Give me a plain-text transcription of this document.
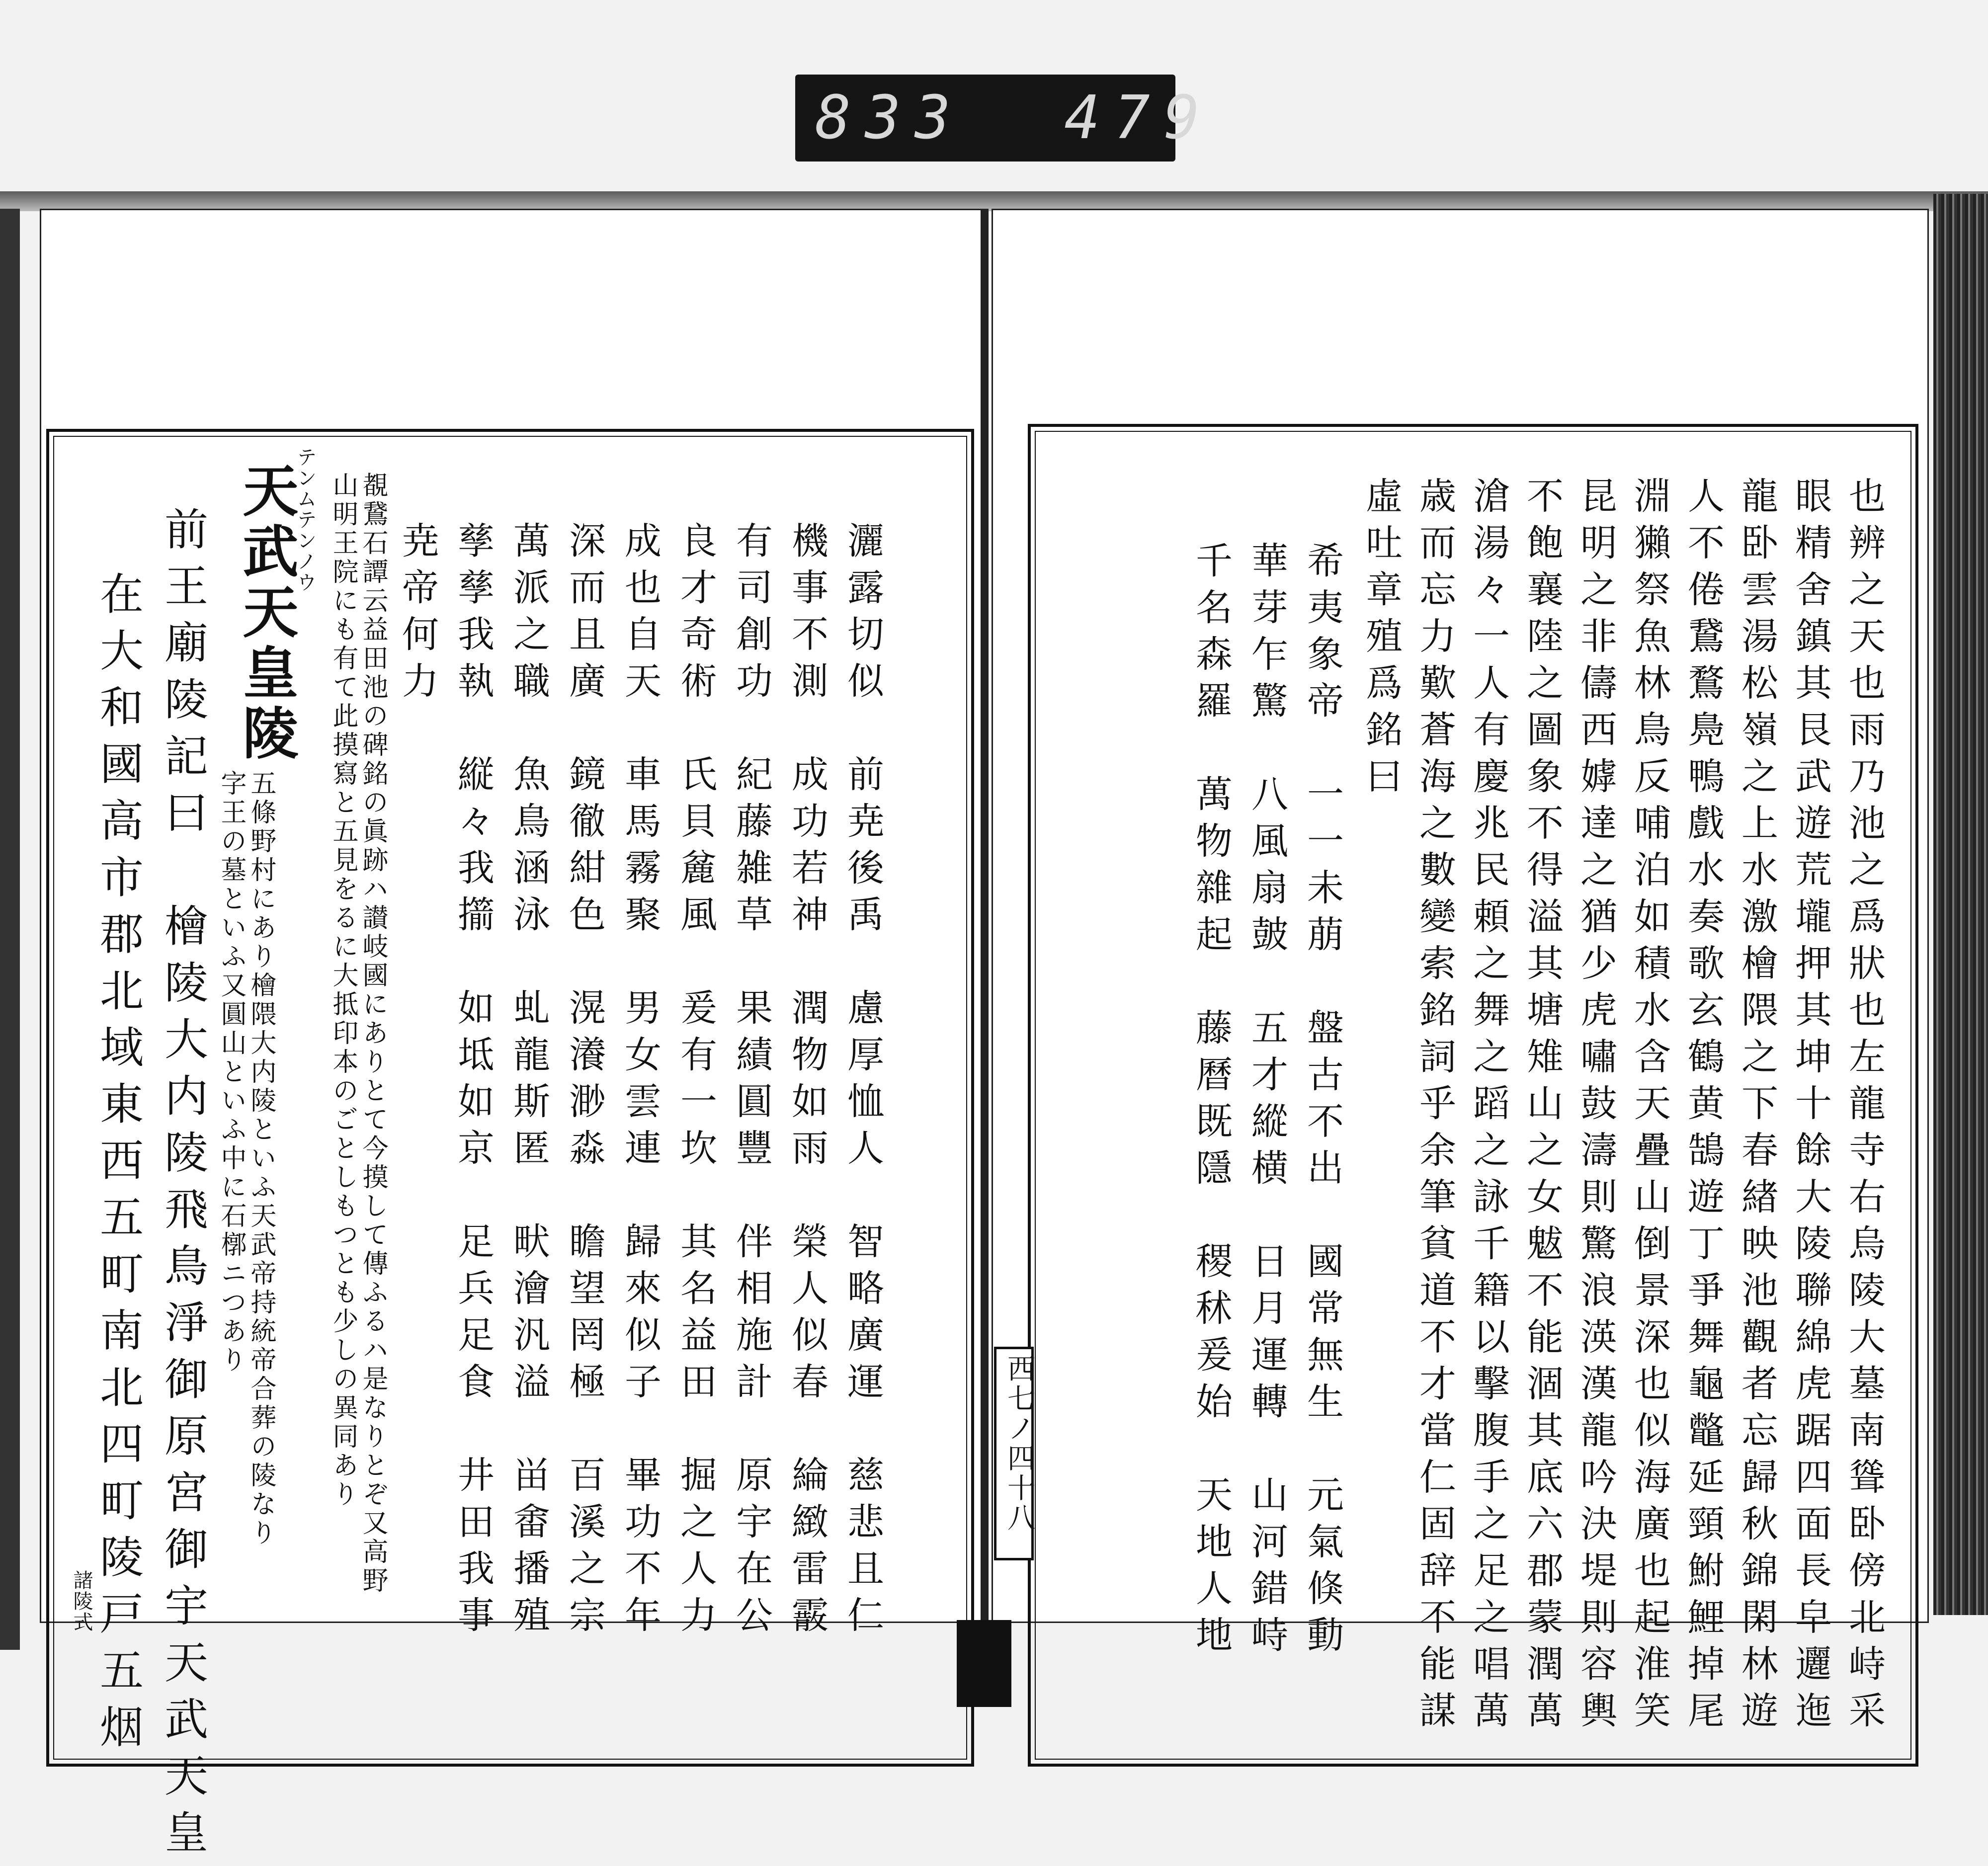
833  479
灑露切似　前尭後禹　慮厚恤人　智略廣運　慈悲且仁
機事不測　成功若神　潤物如雨　榮人似春　綸緻雷霰
有司創功　紀藤雑草　果績圓豐　伴相施計　原宇在公
良才奇術　氏貝麄風　爰有一坎　其名益田　掘之人力
成也自天　車馬霧聚　男女雲連　歸來似子　畢功不年
深而且廣　鏡徹紺色　滉瀁渺淼　瞻望罔極　百溪之宗
萬派之職　魚鳥涵泳　虬龍斯匿　畎澮汎溢　畄畬播殖
孳孳我執　縦々我擶　如坻如京　足兵足食　井田我事
尭帝何力
覩鵞石譚云益田池の碑銘の眞跡ハ讃岐國にありとて今摸して傳ふるハ是なりとぞ又高野
山明王院にも有て此摸寫と五見をるに大抵印本のごとしもつとも少しの異同あり
テンムテンノウ
天武天皇陵
五條野村にあり檜隈大内陵といふ天武帝持統帝合葬の陵なり
字王の墓といふ又圓山といふ中に石槨ニつあり
前王廟陵記曰　檜陵大内陵飛鳥淨御原宮御宇天武天皇
在大和國高市郡北域東西五町南北四町陵戸五烟
諸陵式	也辨之天也雨乃池之爲狀也左龍寺右烏陵大墓南聳卧傍北峙采
眼精舍鎮其艮武遊荒壠押其坤十餘大陵聯綿虎踞四面長皁邐迤
龍卧雲湯松嶺之上水激檜隈之下春緖映池觀者忘歸秋錦閑林遊
人不倦鵞鶩鳧鴨戲水奏歌玄鶴黄鵠遊丁爭舞龜鼈延頸鮒鯉掉尾
淵獺祭魚林鳥反哺泊如積水含天疊山倒景深也似海廣也起淮笑
昆明之非儔西嫭達之猶少虎嘯鼓濤則驚浪渶漢龍吟決堤則容輿
不飽襄陸之圖象不得溢其塘雉山之女魃不能涸其底六郡蒙潤萬
滄湯々一人有慶兆民頼之舞之蹈之詠千籍以擊腹手之足之唱萬
歳而忘力歎蒼海之數變索銘詞乎余筆貧道不才當仁固辞不能謀
虛吐章殖爲銘曰
希夷象帝　一一未萠　盤古不出　國常無生　元氣倏動
華芽乍驚　八風扇皷　五才縱横　日月運轉　山河錯峙
千名森羅　萬物雜起　藤曆既隱　稷秫爰始　天地人地
西七ノ四十八
